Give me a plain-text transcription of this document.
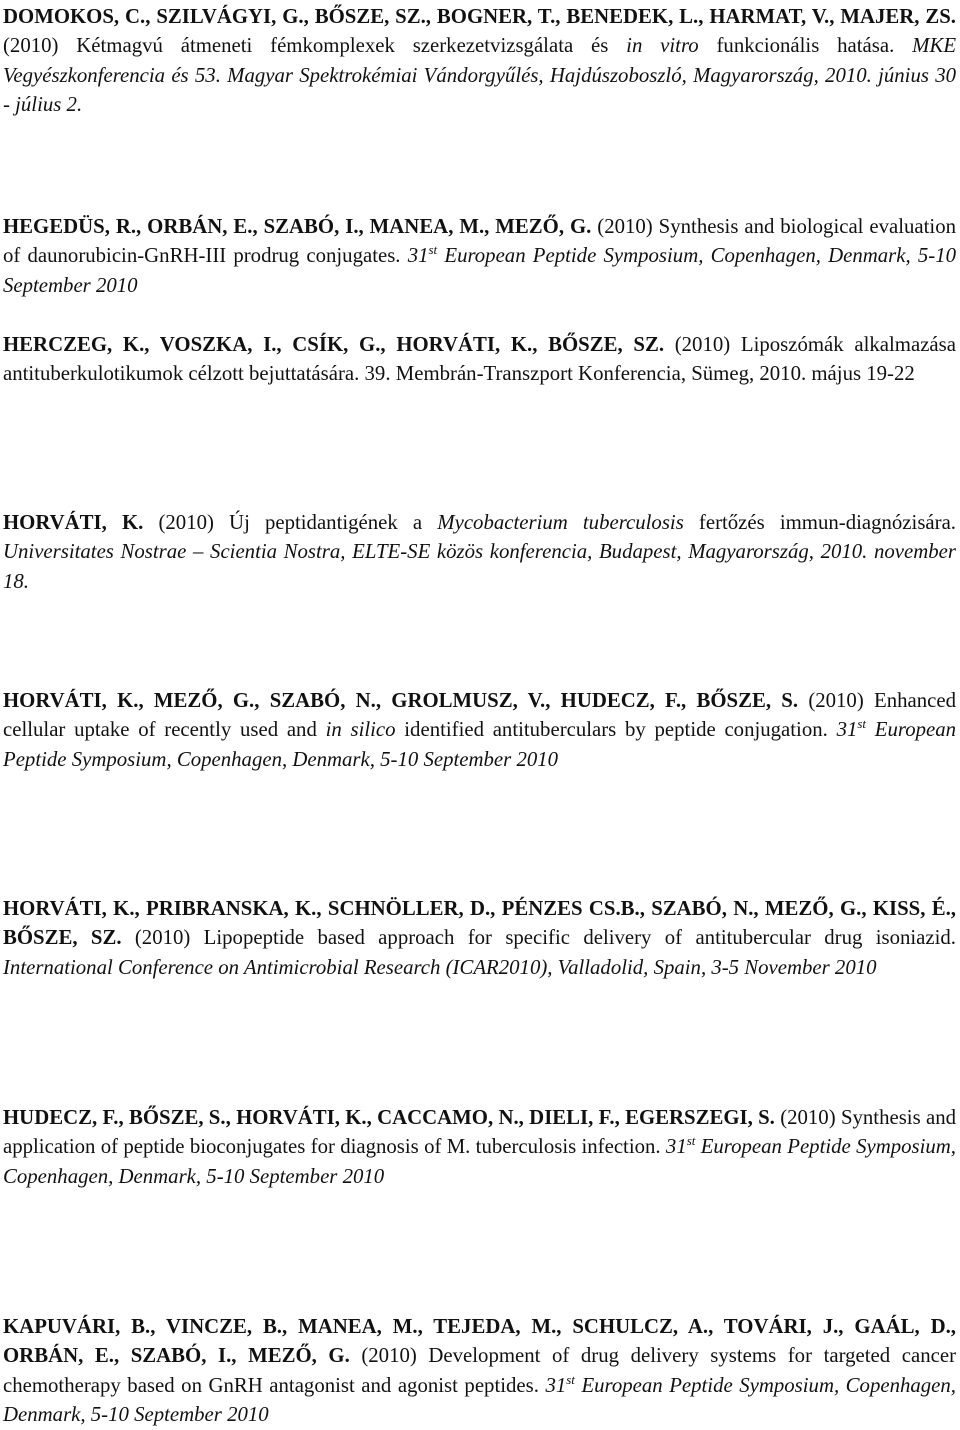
DOMOKOS, C., SZILVÁGYI, G., BŐSZE, SZ., BOGNER, T., BENEDEK, L., HARMAT, V., MAJER, ZS. (2010) Kétmagvú átmeneti fémkomplexek szerkezetvizsgálata és in vitro funkcionális hatása. MKE Vegyészkonferencia és 53. Magyar Spektrokémiai Vándorgyűlés, Hajdúszoboszló, Magyarország, 2010. június 30 - július 2.

HEGEDÜS, R., ORBÁN, E., SZABÓ, I., MANEA, M., MEZŐ, G. (2010) Synthesis and biological evaluation of daunorubicin-GnRH-III prodrug conjugates. 31st European Peptide Symposium, Copenhagen, Denmark, 5-10 September 2010

HERCZEG, K., VOSZKA, I., CSÍK, G., HORVÁTI, K., BŐSZE, SZ. (2010) Liposzómák alkalmazása antituberkulotikumok célzott bejuttatására. 39. Membrán-Transzport Konferencia, Sümeg, 2010. május 19-22

HORVÁTI, K. (2010) Új peptidantigének a Mycobacterium tuberculosis fertőzés immun-diagnózisára. Universitates Nostrae – Scientia Nostra, ELTE-SE közös konferencia, Budapest, Magyarország, 2010. november 18.

HORVÁTI, K., MEZŐ, G., SZABÓ, N., GROLMUSZ, V., HUDECZ, F., BŐSZE, S. (2010) Enhanced cellular uptake of recently used and in silico identified antituberculars by peptide conjugation. 31st European Peptide Symposium, Copenhagen, Denmark, 5-10 September 2010

HORVÁTI, K., PRIBRANSKA, K., SCHNÖLLER, D., PÉNZES CS.B., SZABÓ, N., MEZŐ, G., KISS, É., BŐSZE, SZ. (2010) Lipopeptide based approach for specific delivery of antitubercular drug isoniazid. International Conference on Antimicrobial Research (ICAR2010), Valladolid, Spain, 3-5 November 2010

HUDECZ, F., BŐSZE, S., HORVÁTI, K., CACCAMO, N., DIELI, F., EGERSZEGI, S. (2010) Synthesis and application of peptide bioconjugates for diagnosis of M. tuberculosis infection. 31st European Peptide Symposium, Copenhagen, Denmark, 5-10 September 2010

KAPUVÁRI, B., VINCZE, B., MANEA, M., TEJEDA, M., SCHULCZ, A., TOVÁRI, J., GAÁL, D., ORBÁN, E., SZABÓ, I., MEZŐ, G. (2010) Development of drug delivery systems for targeted cancer chemotherapy based on GnRH antagonist and agonist peptides. 31st European Peptide Symposium, Copenhagen, Denmark, 5-10 September 2010
